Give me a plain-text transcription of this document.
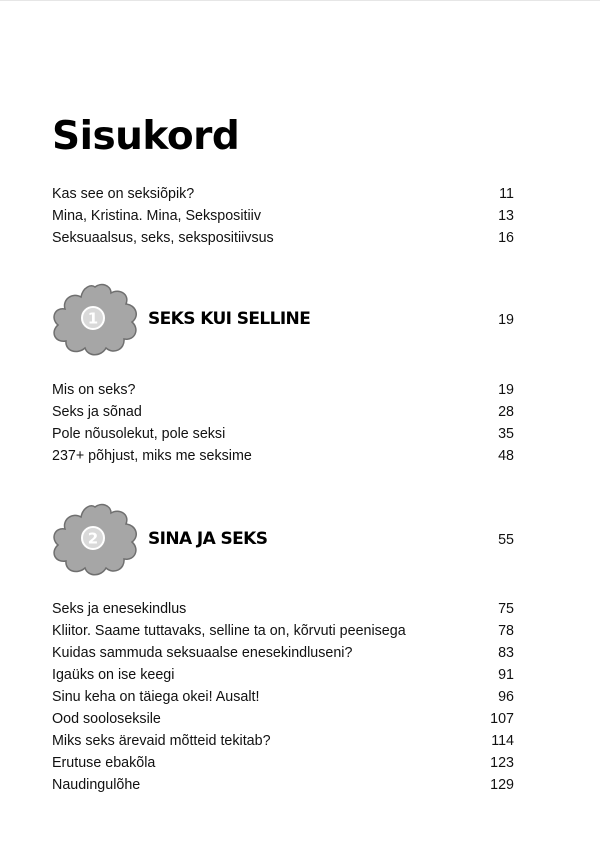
Sisukord
Kas see on seksiõpik?	11
Mina, Kristina. Mina, Sekspositiiv	13
Seksuaalsus, seks, sekspositiivsus	16
1	SEKS KUI SELLINE	19
Mis on seks?	19
Seks ja sõnad	28
Pole nõusolekut, pole seksi	35
237+ põhjust, miks me seksime	48
2	SINA JA SEKS	55
Seks ja enesekindlus	75
Kliitor. Saame tuttavaks, selline ta on, kõrvuti peenisega	78
Kuidas sammuda seksuaalse enesekindluseni?	83
Igaüks on ise keegi	91
Sinu keha on täiega okei! Ausalt!	96
Ood sooloseksile	107
Miks seks ärevaid mõtteid tekitab?	114
Erutuse ebakõla	123
Naudingulõhe	129
